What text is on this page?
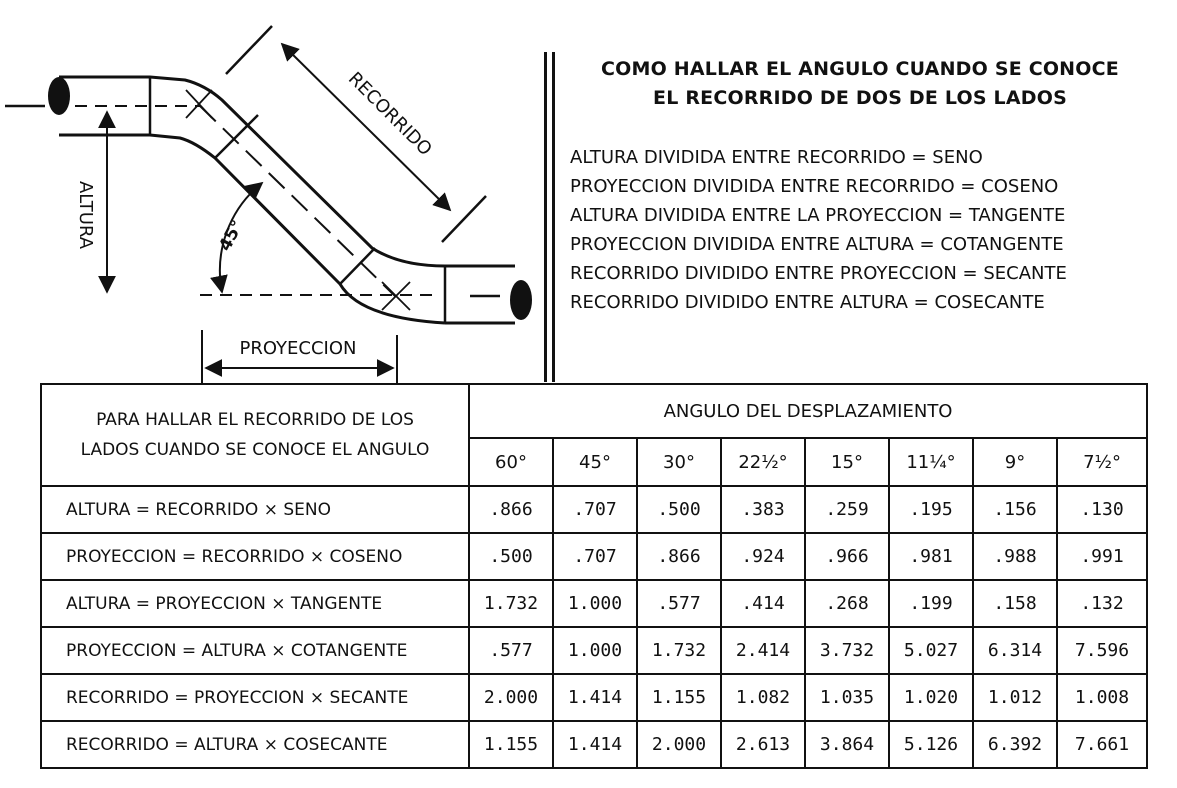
RECORRIDO
ALTURA
PROYECCION
45°
COMO HALLAR EL ANGULO CUANDO SE CONOCE
EL RECORRIDO DE DOS DE LOS LADOS
ALTURA DIVIDIDA ENTRE RECORRIDO = SENO
PROYECCION DIVIDIDA ENTRE RECORRIDO = COSENO
ALTURA DIVIDIDA ENTRE LA PROYECCION = TANGENTE
PROYECCION DIVIDIDA ENTRE ALTURA = COTANGENTE
RECORRIDO DIVIDIDO ENTRE PROYECCION = SECANTE
RECORRIDO DIVIDIDO ENTRE ALTURA = COSECANTE
PARA HALLAR EL RECORRIDO DE LOS
LADOS CUANDO SE CONOCE EL ANGULO	ANGULO DEL DESPLAZAMIENTO							
	60°	45°	30°	22½°	15°	11¼°	9°	7½°
ALTURA = RECORRIDO × SENO	.866	.707	.500	.383	.259	.195	.156	.130
PROYECCION = RECORRIDO × COSENO	.500	.707	.866	.924	.966	.981	.988	.991
ALTURA = PROYECCION × TANGENTE	1.732	1.000	.577	.414	.268	.199	.158	.132
PROYECCION = ALTURA × COTANGENTE	.577	1.000	1.732	2.414	3.732	5.027	6.314	7.596
RECORRIDO = PROYECCION × SECANTE	2.000	1.414	1.155	1.082	1.035	1.020	1.012	1.008
RECORRIDO = ALTURA × COSECANTE	1.155	1.414	2.000	2.613	3.864	5.126	6.392	7.661
